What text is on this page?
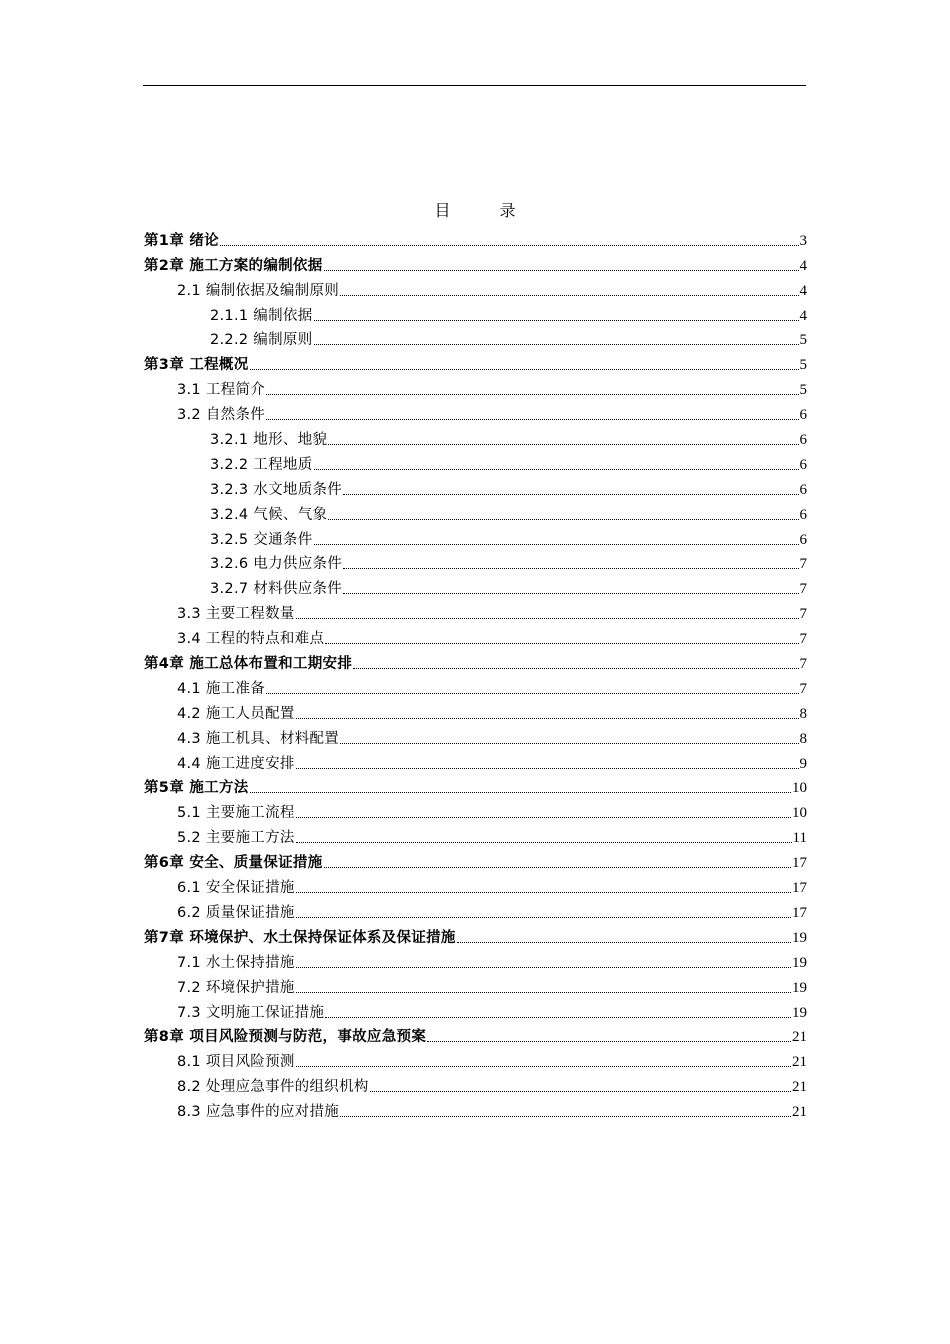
目 录
第1章 绪论	3
第2章 施工方案的编制依据	4
2.1 编制依据及编制原则	4
2.1.1 编制依据	4
2.2.2 编制原则	5
第3章 工程概况	5
3.1 工程简介	5
3.2 自然条件	6
3.2.1 地形、地貌	6
3.2.2 工程地质	6
3.2.3 水文地质条件	6
3.2.4 气候、气象	6
3.2.5 交通条件	6
3.2.6 电力供应条件	7
3.2.7 材料供应条件	7
3.3 主要工程数量	7
3.4 工程的特点和难点	7
第4章 施工总体布置和工期安排	7
4.1 施工准备	7
4.2 施工人员配置	8
4.3 施工机具、材料配置	8
4.4 施工进度安排	9
第5章 施工方法	10
5.1 主要施工流程	10
5.2 主要施工方法	11
第6章 安全、质量保证措施	17
6.1 安全保证措施	17
6.2 质量保证措施	17
第7章 环境保护、水土保持保证体系及保证措施	19
7.1 水土保持措施	19
7.2 环境保护措施	19
7.3 文明施工保证措施	19
第8章 项目风险预测与防范，事故应急预案	21
8.1 项目风险预测	21
8.2 处理应急事件的组织机构	21
8.3 应急事件的应对措施	21
